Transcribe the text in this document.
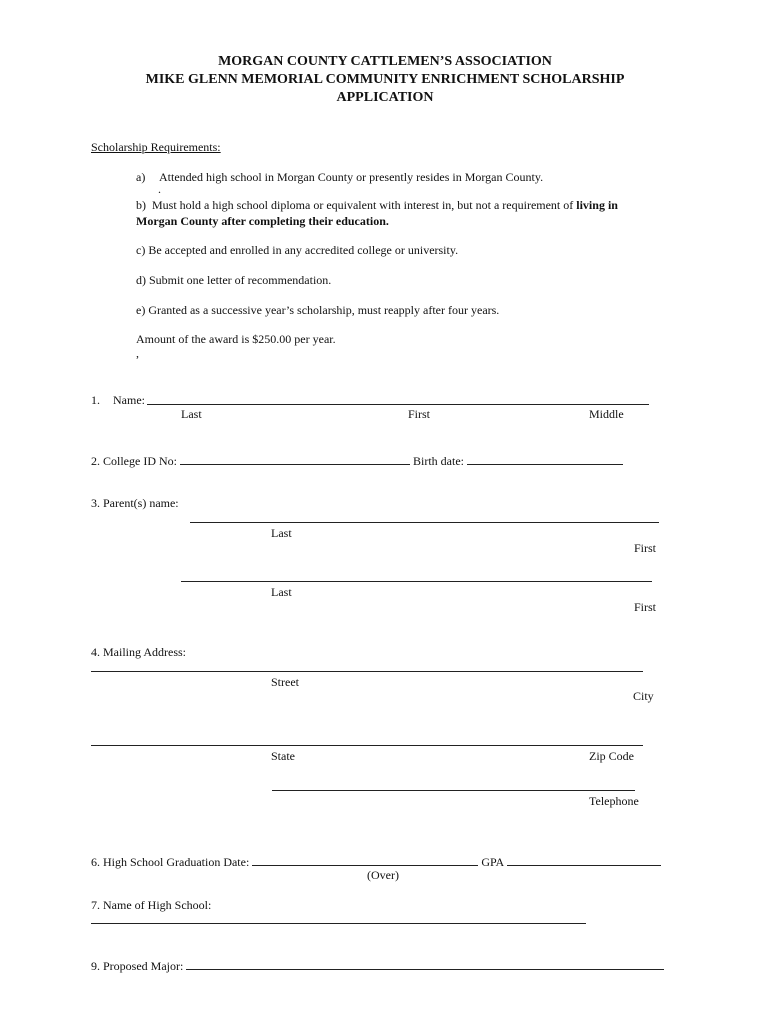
MORGAN COUNTY CATTLEMEN’S ASSOCIATION
MIKE GLENN MEMORIAL COMMUNITY ENRICHMENT SCHOLARSHIP
APPLICATION
Scholarship Requirements:
a) Attended high school in Morgan County or presently resides in Morgan County.
.
b) Must hold a high school diploma or equivalent with interest in, but not a requirement of living in
Morgan County after completing their education.
c) Be accepted and enrolled in any accredited college or university.
d) Submit one letter of recommendation.
e) Granted as a successive year’s scholarship, must reapply after four years.
Amount of the award is $250.00 per year.
,
1. Name:
Last	First	Middle
2. College ID No:	Birth date:
3. Parent(s) name:
Last
First
Last
First
4. Mailing Address:
Street
City
State	Zip Code
Telephone
6. High School Graduation Date:	GPA
(Over)
7. Name of High School:
9. Proposed Major:
